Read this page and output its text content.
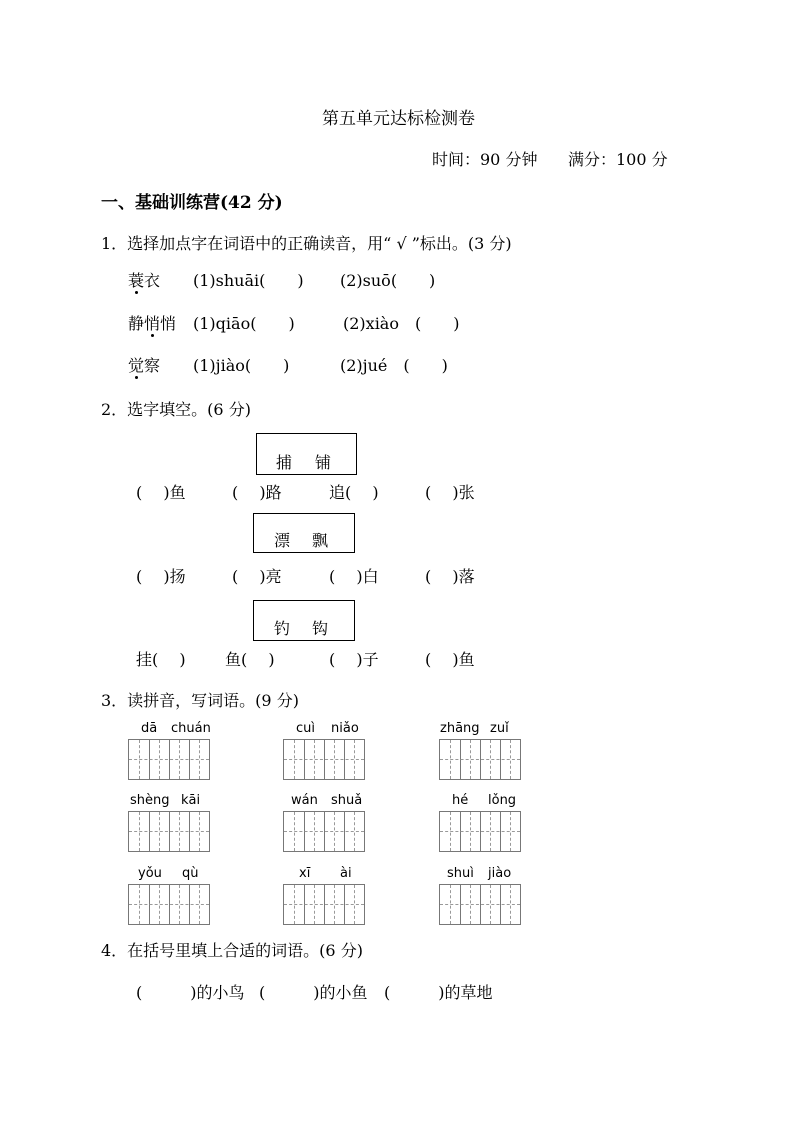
第五单元达标检测卷
时间：90 分钟 满分：100 分
一、基础训练营(42 分)
1．选择加点字在词语中的正确读音，用“ √ ”标出。(3 分)
蓑衣 (1)shuāi(　　) (2)suō(　　)
静悄悄 (1)qiāo(　　)	(2)xiào　(　　)
觉察 (1)jiào(　　)	(2)jué　(　　)
2．选字填空。(6 分)
捕 铺
( 　)鱼	( 　)路	追( 　)	( 　)张
漂 飘
( 　)扬	( 　)亮	( 　)白	( 　)落
钓 钩
挂( 　) 鱼( 　)	( 　)子	( 　)鱼
3．读拼音，写词语。(9 分)
dā chuán	cuì niǎo	zhāng zuǐ
shèng kāi	wán shuǎ	hé lǒng
yǒu qù	xī ài	shuì jiào
4．在括号里填上合适的词语。(6 分)
(　　　)的小鸟 (　　　)的小鱼 (　　　)的草地
